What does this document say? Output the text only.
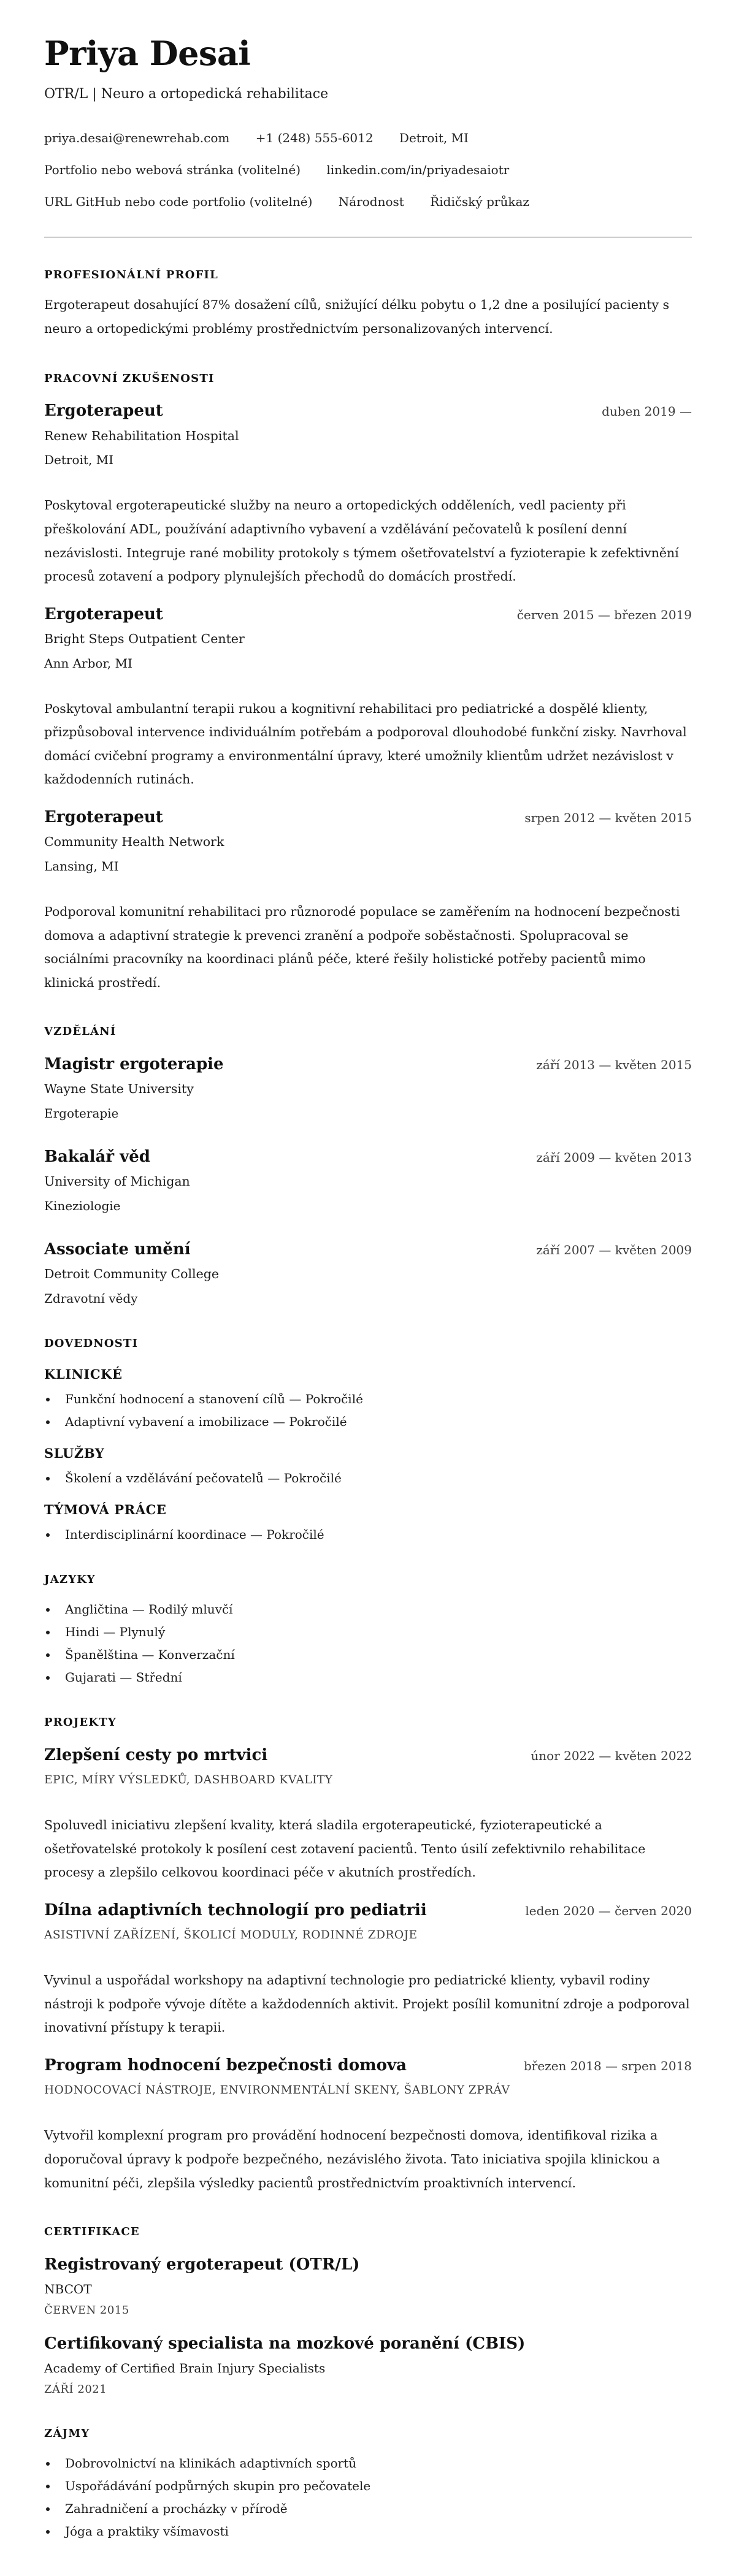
Priya Desai
OTR/L | Neuro a ortopedická rehabilitace
priya.desai@renewrehab.com +1 (248) 555-6012 Detroit, MI
Portfolio nebo webová stránka (volitelné) linkedin.com/in/priyadesaiotr
URL GitHub nebo code portfolio (volitelné) Národnost Řidičský průkaz
PROFESIONÁLNÍ PROFIL

Ergoterapeut dosahující 87% dosažení cílů, snižující délku pobytu o 1,2 dne a posilující pacienty s neuro a ortopedickými problémy prostřednictvím personalizovaných intervencí.

PRACOVNÍ ZKUŠENOSTI
Ergoterapeut	duben 2019 —
Renew Rehabilitation Hospital
Detroit, MI

Poskytoval ergoterapeutické služby na neuro a ortopedických odděleních, vedl pacienty při přeškolování ADL, používání adaptivního vybavení a vzdělávání pečovatelů k posílení denní nezávislosti. Integruje rané mobility protokoly s týmem ošetřovatelství a fyzioterapie k zefektivnění procesů zotavení a podpory plynulejších přechodů do domácích prostředí.

Ergoterapeut	červen 2015 — březen 2019
Bright Steps Outpatient Center
Ann Arbor, MI

Poskytoval ambulantní terapii rukou a kognitivní rehabilitaci pro pediatrické a dospělé klienty, přizpůsoboval intervence individuálním potřebám a podporoval dlouhodobé funkční zisky. Navrhoval domácí cvičební programy a environmentální úpravy, které umožnily klientům udržet nezávislost v každodenních rutinách.

Ergoterapeut	srpen 2012 — květen 2015
Community Health Network
Lansing, MI

Podporoval komunitní rehabilitaci pro různorodé populace se zaměřením na hodnocení bezpečnosti domova a adaptivní strategie k prevenci zranění a podpoře soběstačnosti. Spolupracoval se sociálními pracovníky na koordinaci plánů péče, které řešily holistické potřeby pacientů mimo klinická prostředí.

VZDĚLÁNÍ
Magistr ergoterapie	září 2013 — květen 2015
Wayne State University
Ergoterapie
Bakalář věd	září 2009 — květen 2013
University of Michigan
Kineziologie
Associate umění	září 2007 — květen 2009
Detroit Community College
Zdravotní vědy
DOVEDNOSTI
KLINICKÉ
• Funkční hodnocení a stanovení cílů — Pokročilé
• Adaptivní vybavení a imobilizace — Pokročilé
SLUŽBY
• Školení a vzdělávání pečovatelů — Pokročilé
TÝMOVÁ PRÁCE
• Interdisciplinární koordinace — Pokročilé
JAZYKY
• Angličtina — Rodilý mluvčí
• Hindi — Plynulý
• Španělština — Konverzační
• Gujarati — Střední
PROJEKTY
Zlepšení cesty po mrtvici	únor 2022 — květen 2022
EPIC, MÍRY VÝSLEDKŮ, DASHBOARD KVALITY

Spoluvedl iniciativu zlepšení kvality, která sladila ergoterapeutické, fyzioterapeutické a ošetřovatelské protokoly k posílení cest zotavení pacientů. Tento úsilí zefektivnilo rehabilitace procesy a zlepšilo celkovou koordinaci péče v akutních prostředích.

Dílna adaptivních technologií pro pediatrii	leden 2020 — červen 2020
ASISTIVNÍ ZAŘÍZENÍ, ŠKOLICÍ MODULY, RODINNÉ ZDROJE

Vyvinul a uspořádal workshopy na adaptivní technologie pro pediatrické klienty, vybavil rodiny nástroji k podpoře vývoje dítěte a každodenních aktivit. Projekt posílil komunitní zdroje a podporoval inovativní přístupy k terapii.

Program hodnocení bezpečnosti domova	březen 2018 — srpen 2018
HODNOCOVACÍ NÁSTROJE, ENVIRONMENTÁLNÍ SKENY, ŠABLONY ZPRÁV

Vytvořil komplexní program pro provádění hodnocení bezpečnosti domova, identifikoval rizika a doporučoval úpravy k podpoře bezpečného, nezávislého života. Tato iniciativa spojila klinickou a komunitní péči, zlepšila výsledky pacientů prostřednictvím proaktivních intervencí.

CERTIFIKACE
Registrovaný ergoterapeut (OTR/L)
NBCOT
ČERVEN 2015
Certifikovaný specialista na mozkové poranění (CBIS)
Academy of Certified Brain Injury Specialists
ZÁŘÍ 2021
ZÁJMY
• Dobrovolnictví na klinikách adaptivních sportů
• Uspořádávání podpůrných skupin pro pečovatele
• Zahradničení a procházky v přírodě
• Jóga a praktiky všímavosti
